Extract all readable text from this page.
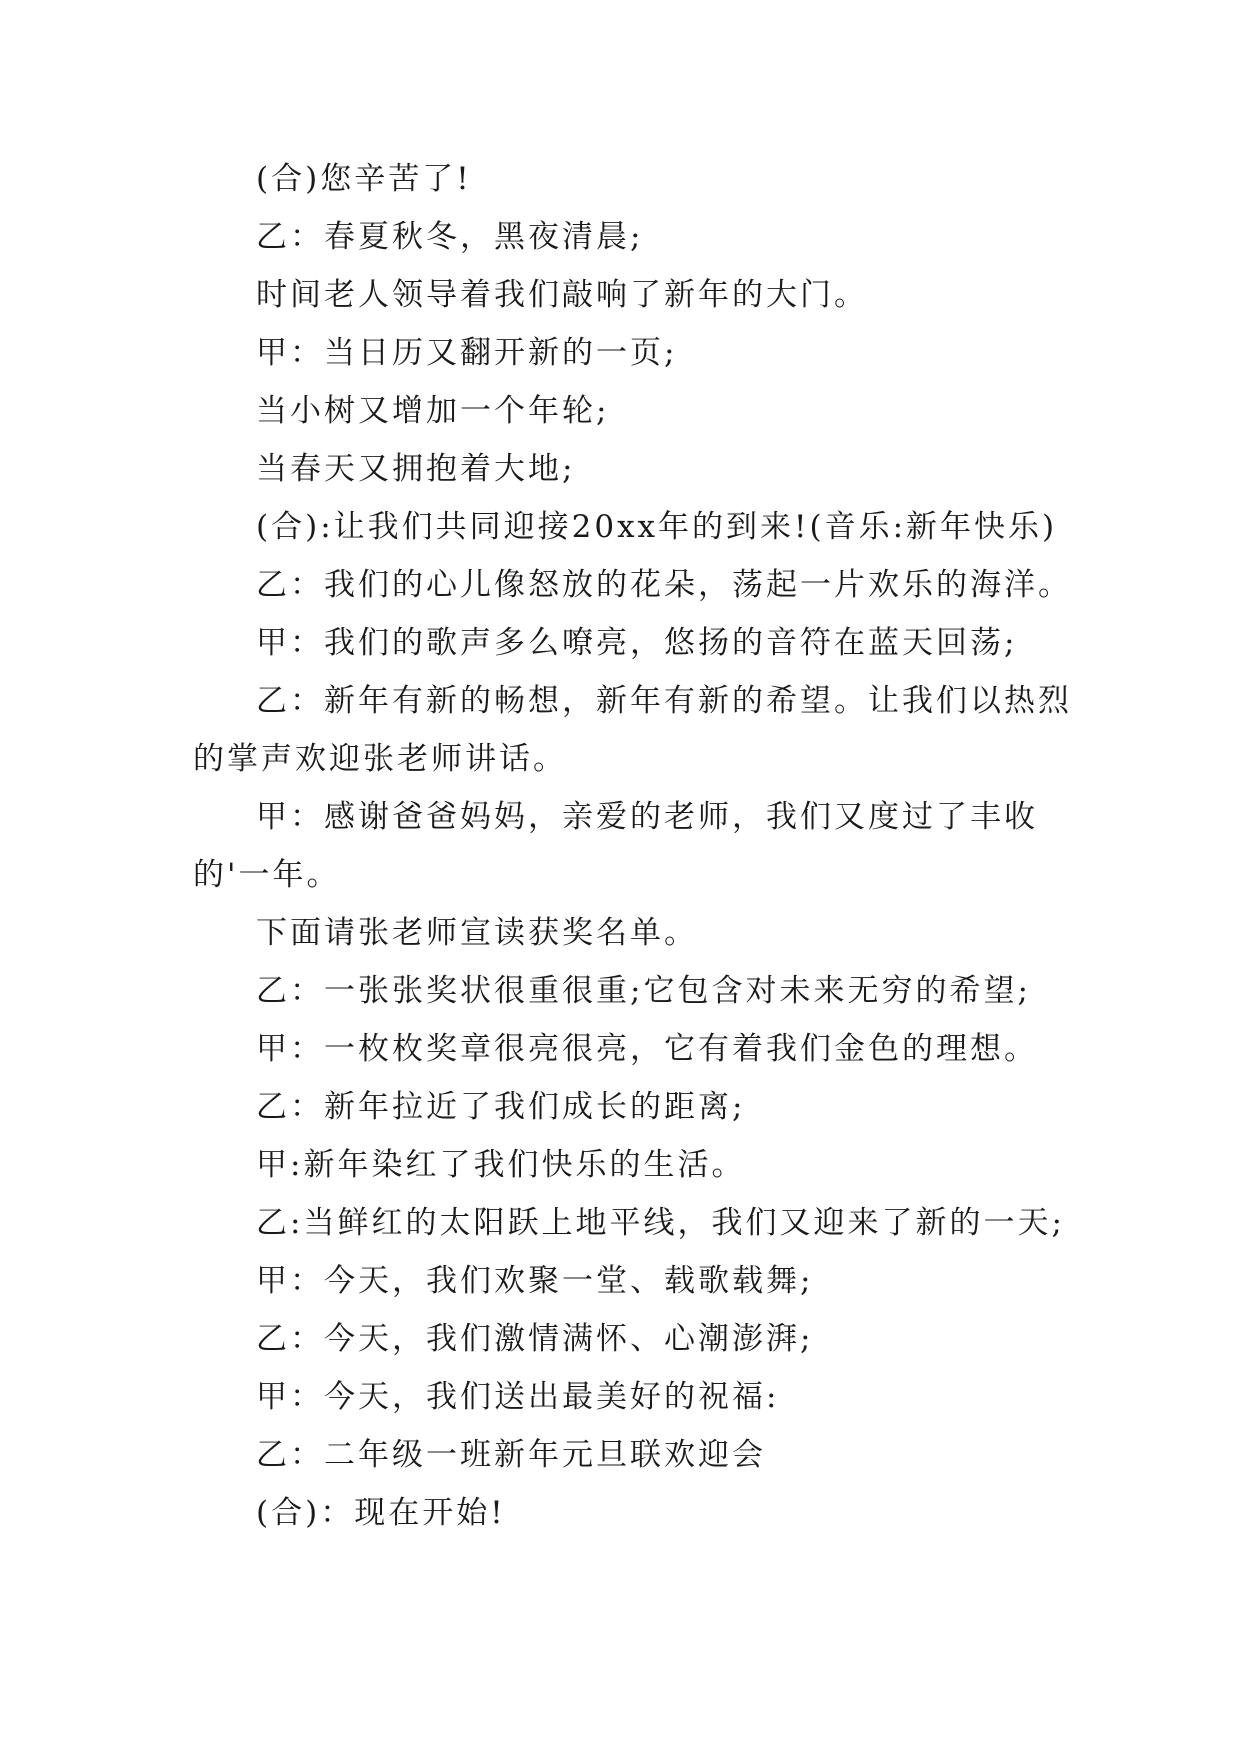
(合)您辛苦了!

乙：春夏秋冬，黑夜清晨;

时间老人领导着我们敲响了新年的大门。

甲：当日历又翻开新的一页;

当小树又增加一个年轮;

当春天又拥抱着大地;

(合):让我们共同迎接20xx年的到来!(音乐:新年快乐)

乙：我们的心儿像怒放的花朵，荡起一片欢乐的海洋。

甲：我们的歌声多么嘹亮，悠扬的音符在蓝天回荡;

乙：新年有新的畅想，新年有新的希望。让我们以热烈的掌声欢迎张老师讲话。

甲：感谢爸爸妈妈，亲爱的老师，我们又度过了丰收的'一年。

下面请张老师宣读获奖名单。

乙：一张张奖状很重很重;它包含对未来无穷的希望;

甲：一枚枚奖章很亮很亮，它有着我们金色的理想。

乙：新年拉近了我们成长的距离;

甲:新年染红了我们快乐的生活。

乙:当鲜红的太阳跃上地平线，我们又迎来了新的一天;

甲：今天，我们欢聚一堂、载歌载舞;

乙：今天，我们激情满怀、心潮澎湃;

甲：今天，我们送出最美好的祝福:

乙：二年级一班新年元旦联欢迎会

(合)：现在开始!
